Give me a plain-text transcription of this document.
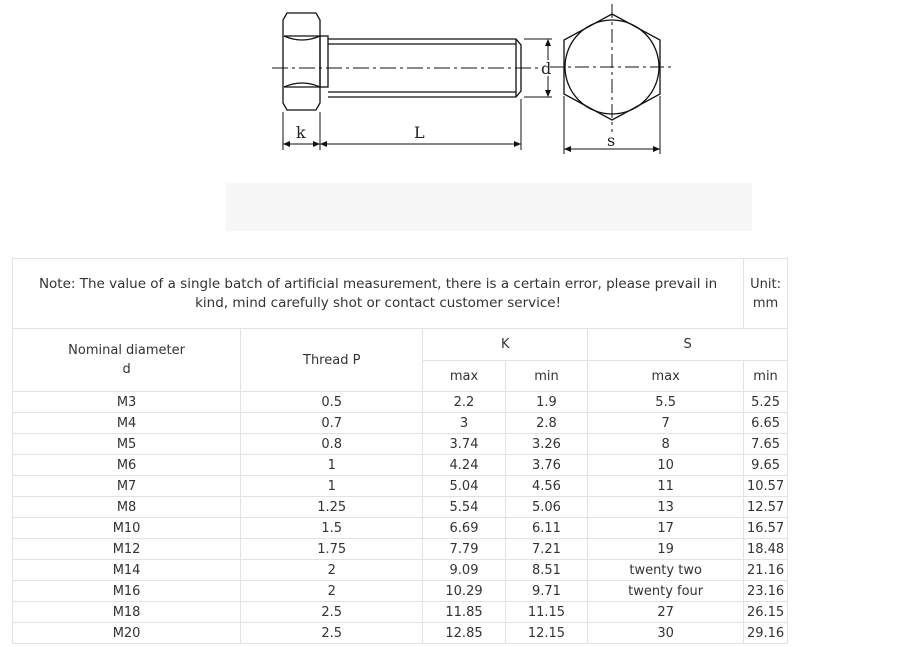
d
k	L	s
Note: The value of a single batch of artificial measurement, there is a certain error, please prevail in kind, mind carefully shot or contact customer service!					Unit: mm
Nominal diameter d	Thread P	K		S	
		max	min	max	min
M3	0.5	2.2	1.9	5.5	5.25
M4	0.7	3	2.8	7	6.65
M5	0.8	3.74	3.26	8	7.65
M6	1	4.24	3.76	10	9.65
M7	1	5.04	4.56	11	10.57
M8	1.25	5.54	5.06	13	12.57
M10	1.5	6.69	6.11	17	16.57
M12	1.75	7.79	7.21	19	18.48
M14	2	9.09	8.51	twenty two	21.16
M16	2	10.29	9.71	twenty four	23.16
M18	2.5	11.85	11.15	27	26.15
M20	2.5	12.85	12.15	30	29.16
